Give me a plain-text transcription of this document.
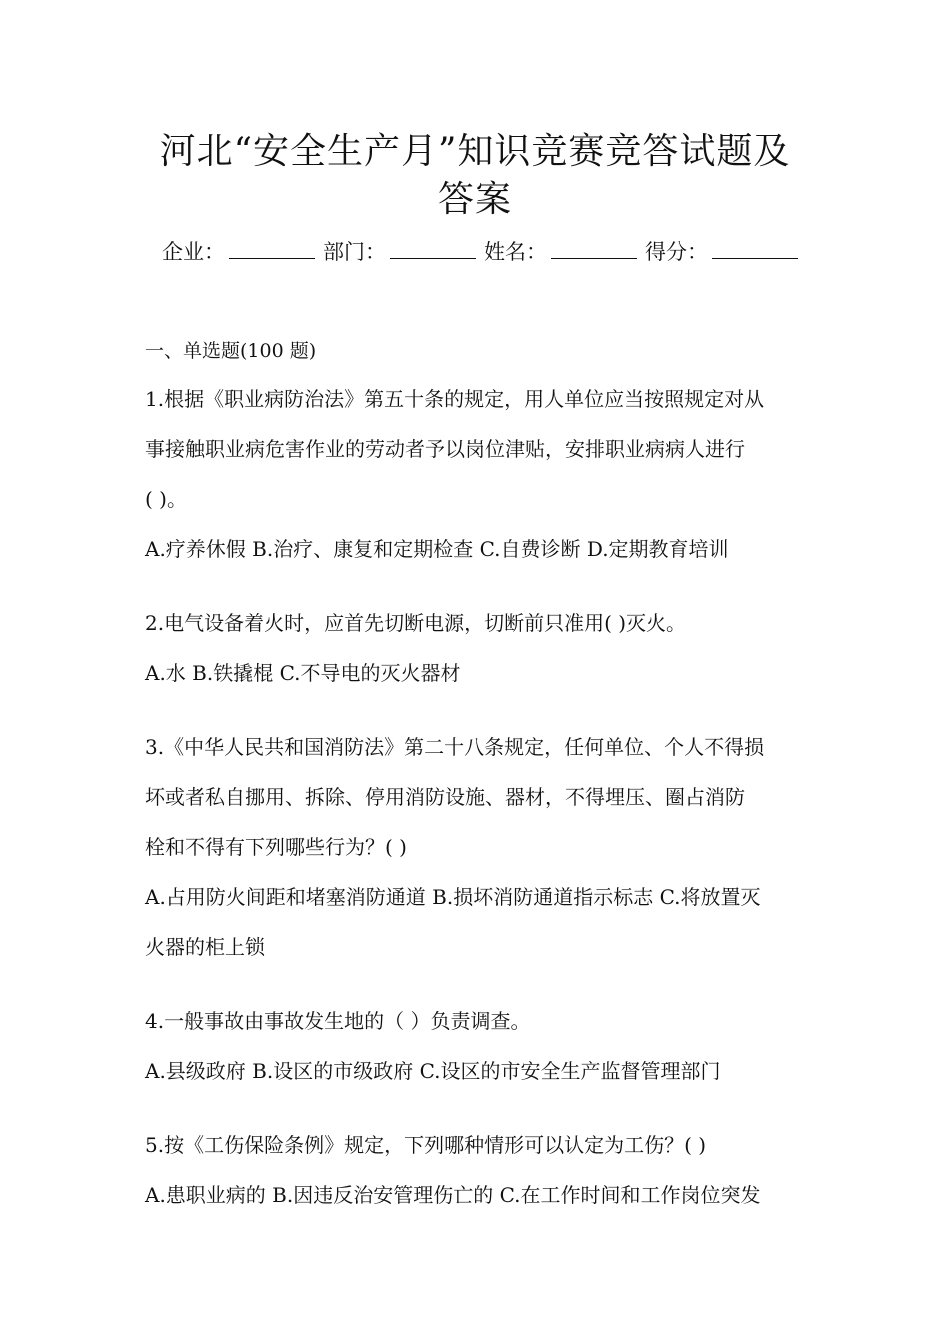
河北“安全生产月”知识竞赛竞答试题及
答案
企业：	部门：	姓名：	得分：
一、单选题(100 题)
1.根据《职业病防治法》第五十条的规定，用人单位应当按照规定对从
事接触职业病危害作业的劳动者予以岗位津贴，安排职业病病人进行
( )。
A.疗养休假 B.治疗、康复和定期检查 C.自费诊断 D.定期教育培训
2.电气设备着火时，应首先切断电源，切断前只准用( )灭火。
A.水 B.铁撬棍 C.不导电的灭火器材
3.《中华人民共和国消防法》第二十八条规定，任何单位、个人不得损
坏或者私自挪用、拆除、停用消防设施、器材，不得埋压、圈占消防
栓和不得有下列哪些行为？( )
A.占用防火间距和堵塞消防通道 B.损坏消防通道指示标志 C.将放置灭
火器的柜上锁
4.一般事故由事故发生地的（ ）负责调查。
A.县级政府 B.设区的市级政府 C.设区的市安全生产监督管理部门
5.按《工伤保险条例》规定，下列哪种情形可以认定为工伤？( )
A.患职业病的 B.因违反治安管理伤亡的 C.在工作时间和工作岗位突发
